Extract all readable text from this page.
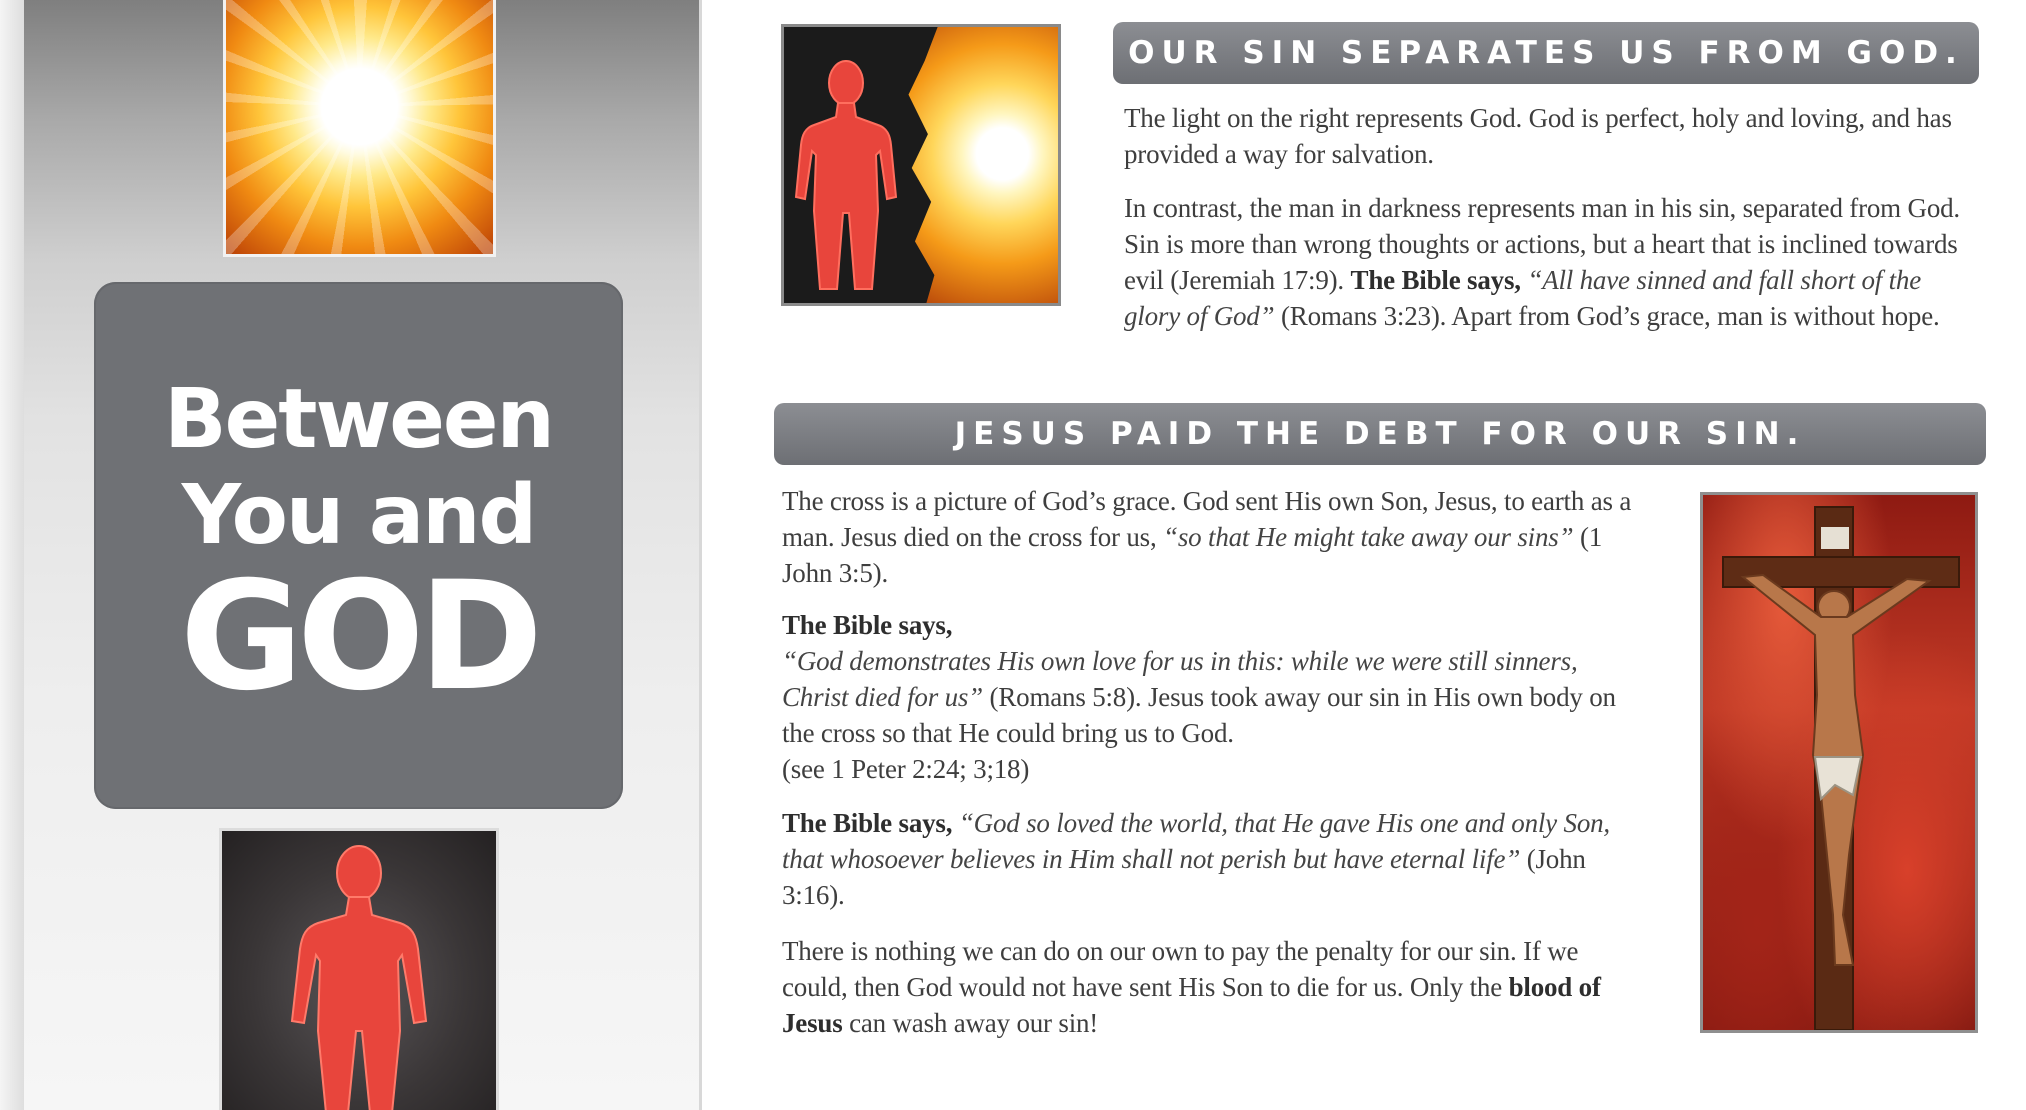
Between
You and
GOD
OUR SIN SEPARATES US FROM GOD.

The light on the right represents God. God is perfect, holy and loving, and has provided a way for salvation.

In contrast, the man in darkness represents man in his sin, separated from God. Sin is more than wrong thoughts or actions, but a heart that is inclined towards evil (Jeremiah 17:9). The Bible says, “All have sinned and fall short of the glory of God” (Romans 3:23). Apart from God’s grace, man is without hope.

JESUS PAID THE DEBT FOR OUR SIN.

The cross is a picture of God’s grace. God sent His own Son, Jesus, to earth as a man. Jesus died on the cross for us, “so that He might take away our sins” (1 John 3:5).

The Bible says,
“God demonstrates His own love for us in this: while we were still sinners, Christ died for us” (Romans 5:8). Jesus took away our sin in His own body on the cross so that He could bring us to God.
(see 1 Peter 2:24; 3;18)

The Bible says, “God so loved the world, that He gave His one and only Son, that whosoever believes in Him shall not perish but have eternal life” (John 3:16).

There is nothing we can do on our own to pay the penalty for our sin. If we could, then God would not have sent His Son to die for us. Only the blood of Jesus can wash away our sin!
